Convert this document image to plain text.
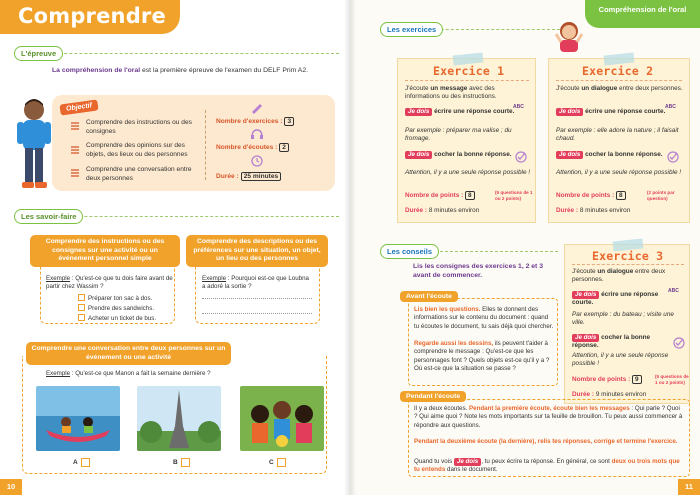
Comprendre
L'épreuve
La compréhension de l'oral est la première épreuve de l'examen du DELF Prim A2.
Objectif
Comprendre des instructions ou des consignes
Comprendre des opinions sur des objets, des lieux ou des personnes
Comprendre une conversation entre deux personnes
Nombre d'exercices : 3
Nombre d'écoutes : 2
Durée : 25 minutes
Les savoir-faire
Comprendre des instructions ou des consignes sur une activité ou un événement personnel simple
Exemple : Qu'est-ce que tu dois faire avant de partir chez Wassim ?
Préparer ton sac à dos.
Prendre des sandwichs.
Acheter un ticket de bus.
Comprendre des descriptions ou des préférences sur une situation, un objet, un lieu ou des personnes
Exemple : Pourquoi est-ce que Loubna a adoré la sortie ?
Comprendre une conversation entre deux personnes sur un événement ou une activité
Exemple : Qu'est-ce que Manon a fait la semaine dernière ?
A	B	C
10
Compréhension de l'oral
Les exercices
Exercice 1
J'écoute un message avec des informations ou des instructions.
Je dois écrire une réponse courte.
ABC
Par exemple : préparer ma valise ; du fromage.
Je dois cocher la bonne réponse.
Attention, il y a une seule réponse possible !
Nombre de points : 8	(5 questions de 1 ou 2 points)
Durée : 8 minutes environ
Exercice 2
J'écoute un dialogue entre deux personnes.
Je dois écrire une réponse courte.
ABC
Par exemple : elle adore la nature ; il faisait chaud.
Je dois cocher la bonne réponse.
Attention, il y a une seule réponse possible !
Nombre de points : 8	(2 points par question)
Durée : 8 minutes environ
Exercice 3
J'écoute un dialogue entre deux personnes.
Je dois écrire une réponse courte.
ABC
Par exemple : du bateau ; visite une ville.
Je dois cocher la bonne réponse.
Attention, il y a une seule réponse possible !
Nombre de points : 9	(5 questions de 1 ou 2 points)
Durée : 9 minutes environ
Les conseils
Lis les consignes des exercices 1, 2 et 3 avant de commencer.
Avant l'écoute
Lis bien les questions. Elles te donnent des informations sur le contenu du document : quand tu écoutes le document, tu sais déjà quoi chercher.
Regarde aussi les dessins, ils peuvent t'aider à comprendre le message : Qu'est-ce que les personnages font ? Quels objets est-ce qu'il y a ? Où est-ce que la situation se passe ?
Pendant l'écoute
Il y a deux écoutes. Pendant la première écoute, écoute bien les messages : Qui parle ? Quoi ? Qui aime quoi ? Note les mots importants sur ta feuille de brouillon. Tu peux aussi commencer à répondre aux questions.
Pendant la deuxième écoute (la dernière), relis tes réponses, corrige et termine l'exercice.
Quand tu vois Je dois , tu peux écrire ta réponse. En général, ce sont deux ou trois mots que tu entends dans le document.
11
